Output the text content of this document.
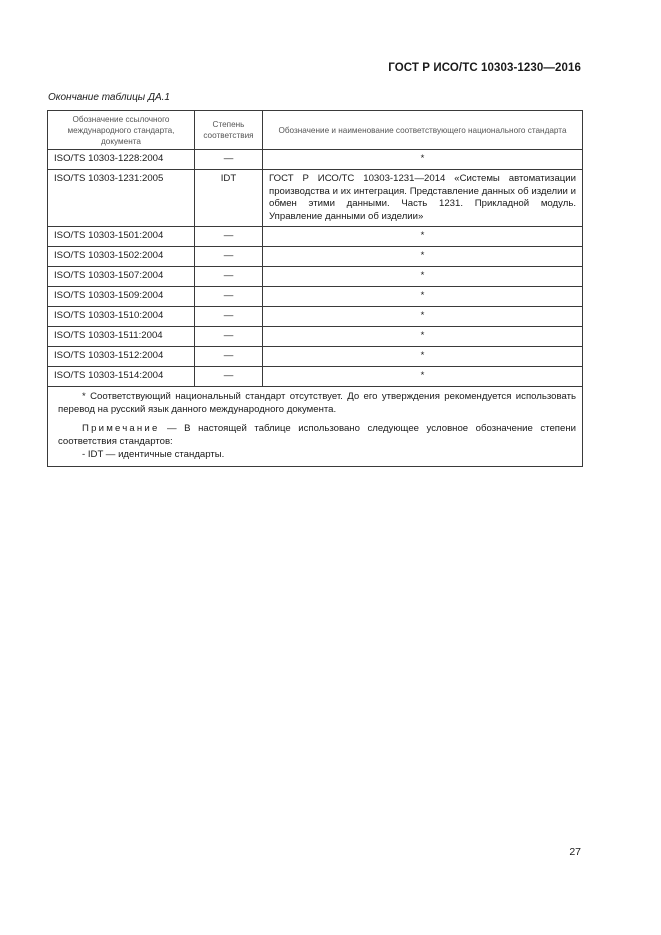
ГОСТ Р ИСО/ТС 10303-1230—2016
Окончание таблицы ДА.1
Обозначение ссылочного международного стандарта, документа	Степень соответствия	Обозначение и наименование соответствующего национального стандарта
ISO/TS 10303-1228:2004	—	*
ISO/TS 10303-1231:2005	IDT	ГОСТ Р ИСО/ТС 10303-1231—2014 «Системы автоматизации производства и их интеграция. Представление данных об изделии и обмен этими данными. Часть 1231. Прикладной модуль. Управление данными об изделии»
ISO/TS 10303-1501:2004	—	*
ISO/TS 10303-1502:2004	—	*
ISO/TS 10303-1507:2004	—	*
ISO/TS 10303-1509:2004	—	*
ISO/TS 10303-1510:2004	—	*
ISO/TS 10303-1511:2004	—	*
ISO/TS 10303-1512:2004	—	*
ISO/TS 10303-1514:2004	—	*

* Соответствующий национальный стандарт отсутствует. До его утверждения рекомендуется использовать перевод на русский язык данного международного документа.

Примечание — В настоящей таблице использовано следующее условное обозначение степени соответствия стандартов:

- IDT — идентичные стандарты.		

27
